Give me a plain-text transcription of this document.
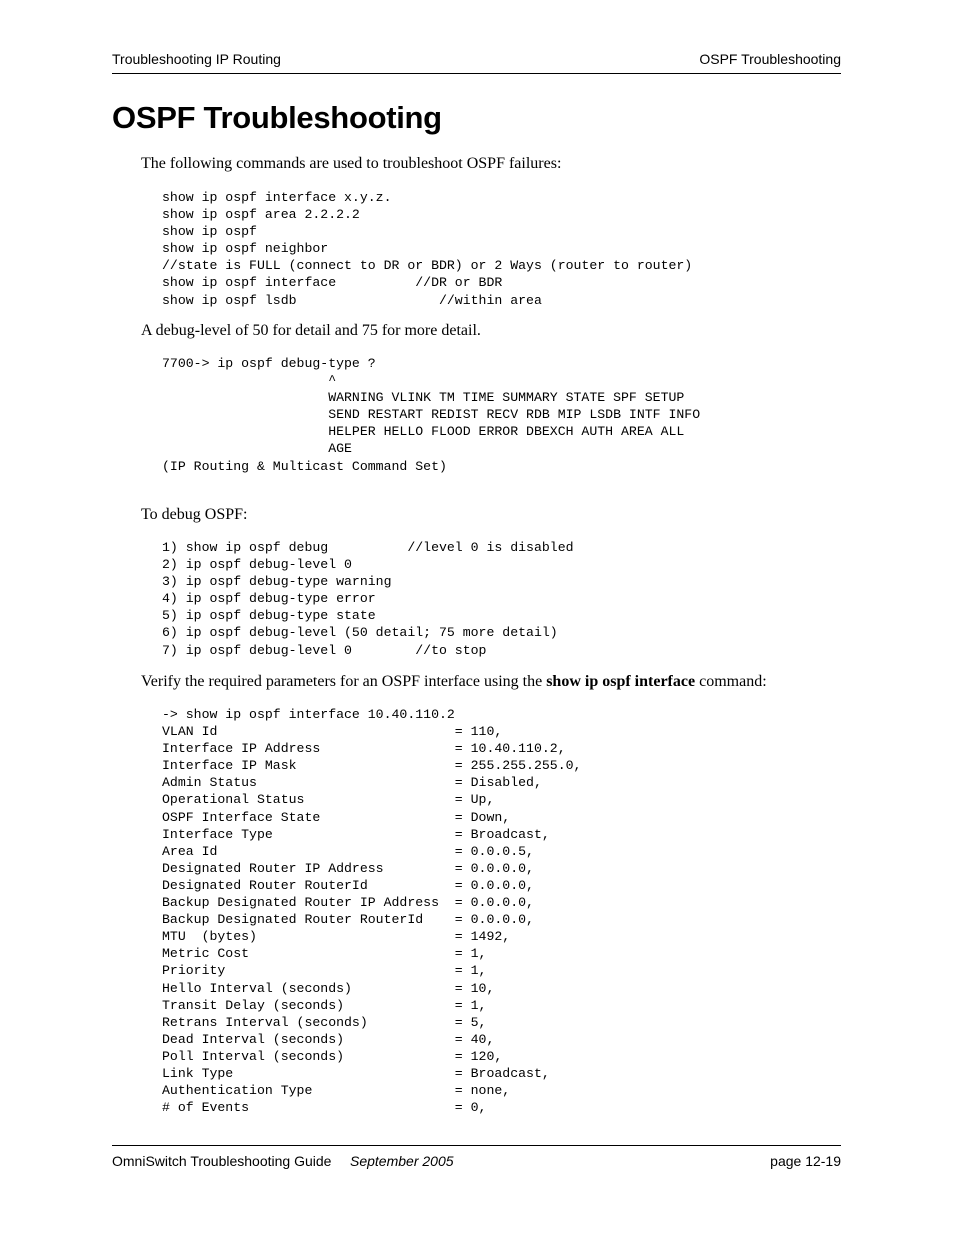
Troubleshooting IP Routing	OSPF Troubleshooting
OSPF Troubleshooting

The following commands are used to troubleshoot OSPF failures:

show ip ospf interface x.y.z.
show ip ospf area 2.2.2.2
show ip ospf
show ip ospf neighbor
//state is FULL (connect to DR or BDR) or 2 Ways (router to router)
show ip ospf interface          //DR or BDR
show ip ospf lsdb                  //within area

A debug-level of 50 for detail and 75 for more detail.

7700-> ip ospf debug-type ?
^
WARNING VLINK TM TIME SUMMARY STATE SPF SETUP
SEND RESTART REDIST RECV RDB MIP LSDB INTF INFO
HELPER HELLO FLOOD ERROR DBEXCH AUTH AREA ALL
AGE
(IP Routing & Multicast Command Set)

To debug OSPF:

1) show ip ospf debug          //level 0 is disabled
2) ip ospf debug-level 0
3) ip ospf debug-type warning
4) ip ospf debug-type error
5) ip ospf debug-type state
6) ip ospf debug-level (50 detail; 75 more detail)
7) ip ospf debug-level 0        //to stop

Verify the required parameters for an OSPF interface using the show ip ospf interface command:

-> show ip ospf interface 10.40.110.2
VLAN Id                              = 110,
Interface IP Address                 = 10.40.110.2,
Interface IP Mask                    = 255.255.255.0,
Admin Status                         = Disabled,
Operational Status                   = Up,
OSPF Interface State                 = Down,
Interface Type                       = Broadcast,
Area Id                              = 0.0.0.5,
Designated Router IP Address         = 0.0.0.0,
Designated Router RouterId           = 0.0.0.0,
Backup Designated Router IP Address  = 0.0.0.0,
Backup Designated Router RouterId    = 0.0.0.0,
MTU  (bytes)                         = 1492,
Metric Cost                          = 1,
Priority                             = 1,
Hello Interval (seconds)             = 10,
Transit Delay (seconds)              = 1,
Retrans Interval (seconds)           = 5,
Dead Interval (seconds)              = 40,
Poll Interval (seconds)              = 120,
Link Type                            = Broadcast,
Authentication Type                  = none,
# of Events                          = 0,
OmniSwitch Troubleshooting Guide September 2005	page 12-19
